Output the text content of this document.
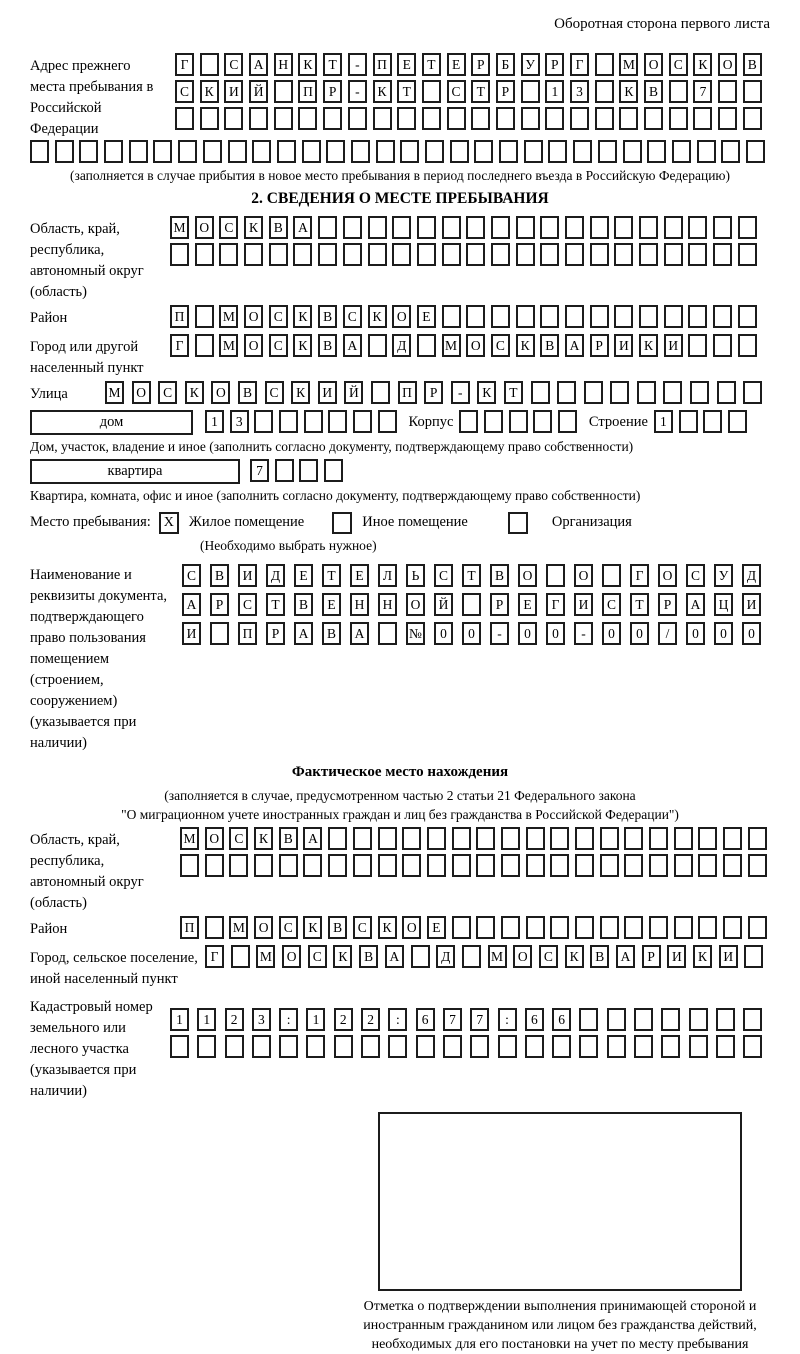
Оборотная сторона первого листа
Адрес прежнего места пребывания в Российской Федерации
Г	С А Н К Т - П Е Т Е Р Б У Р Г	М О С К О В
С К И Й	П Р - К Т	С Т Р	1 3	К В	7
(заполняется в случае прибытия в новое место пребывания в период последнего въезда в Российскую Федерацию)
2. СВЕДЕНИЯ О МЕСТЕ ПРЕБЫВАНИЯ
Область, край, республика, автономный округ (область)
М О С К В А
Район	П	М О С К В С К О Е
Город или другой населенный пункт
Г	М О С К В А	Д	М О С К В А Р И К И
Улица	М О С К О В С К И Й	П Р - К Т
дом	1 3	Корпус	Строение 1
Дом, участок, владение и иное (заполнить согласно документу, подтверждающему право собственности)
квартира	7
Квартира, комната, офис и иное (заполнить согласно документу, подтверждающему право собственности)
Место пребывания: X	Жилое помещение	Иное помещение	Организация
(Необходимо выбрать нужное)
Наименование и реквизиты документа, подтверждающего право пользования помещением (строением, сооружением) (указывается при наличии)
С В И Д Е Т Е Л Ь С Т В О	О	Г О С У Д
А Р С Т В Е Н Н О Й	Р Е Г И С Т Р А Ц И
И	П Р А В А	№ 0 0 - 0 0 - 0 0 / 0 0 0
Фактическое место нахождения
(заполняется в случае, предусмотренном частью 2 статьи 21 Федерального закона
"О миграционном учете иностранных граждан и лиц без гражданства в Российской Федерации")
Область, край, республика, автономный округ (область)
М О С К В А
Район	П	М О С К В С К О Е
Город, сельское поселение, иной населенный пункт
Г	М О С К В А	Д	М О С К В А Р И К И
Кадастровый номер земельного или лесного участка (указывается при наличии)
1 1 2 3 : 1 2 2 : 6 7 7 : 6 6
Отметка о подтверждении выполнения принимающей стороной и иностранным гражданином или лицом без гражданства действий, необходимых для его постановки на учет по месту пребывания
